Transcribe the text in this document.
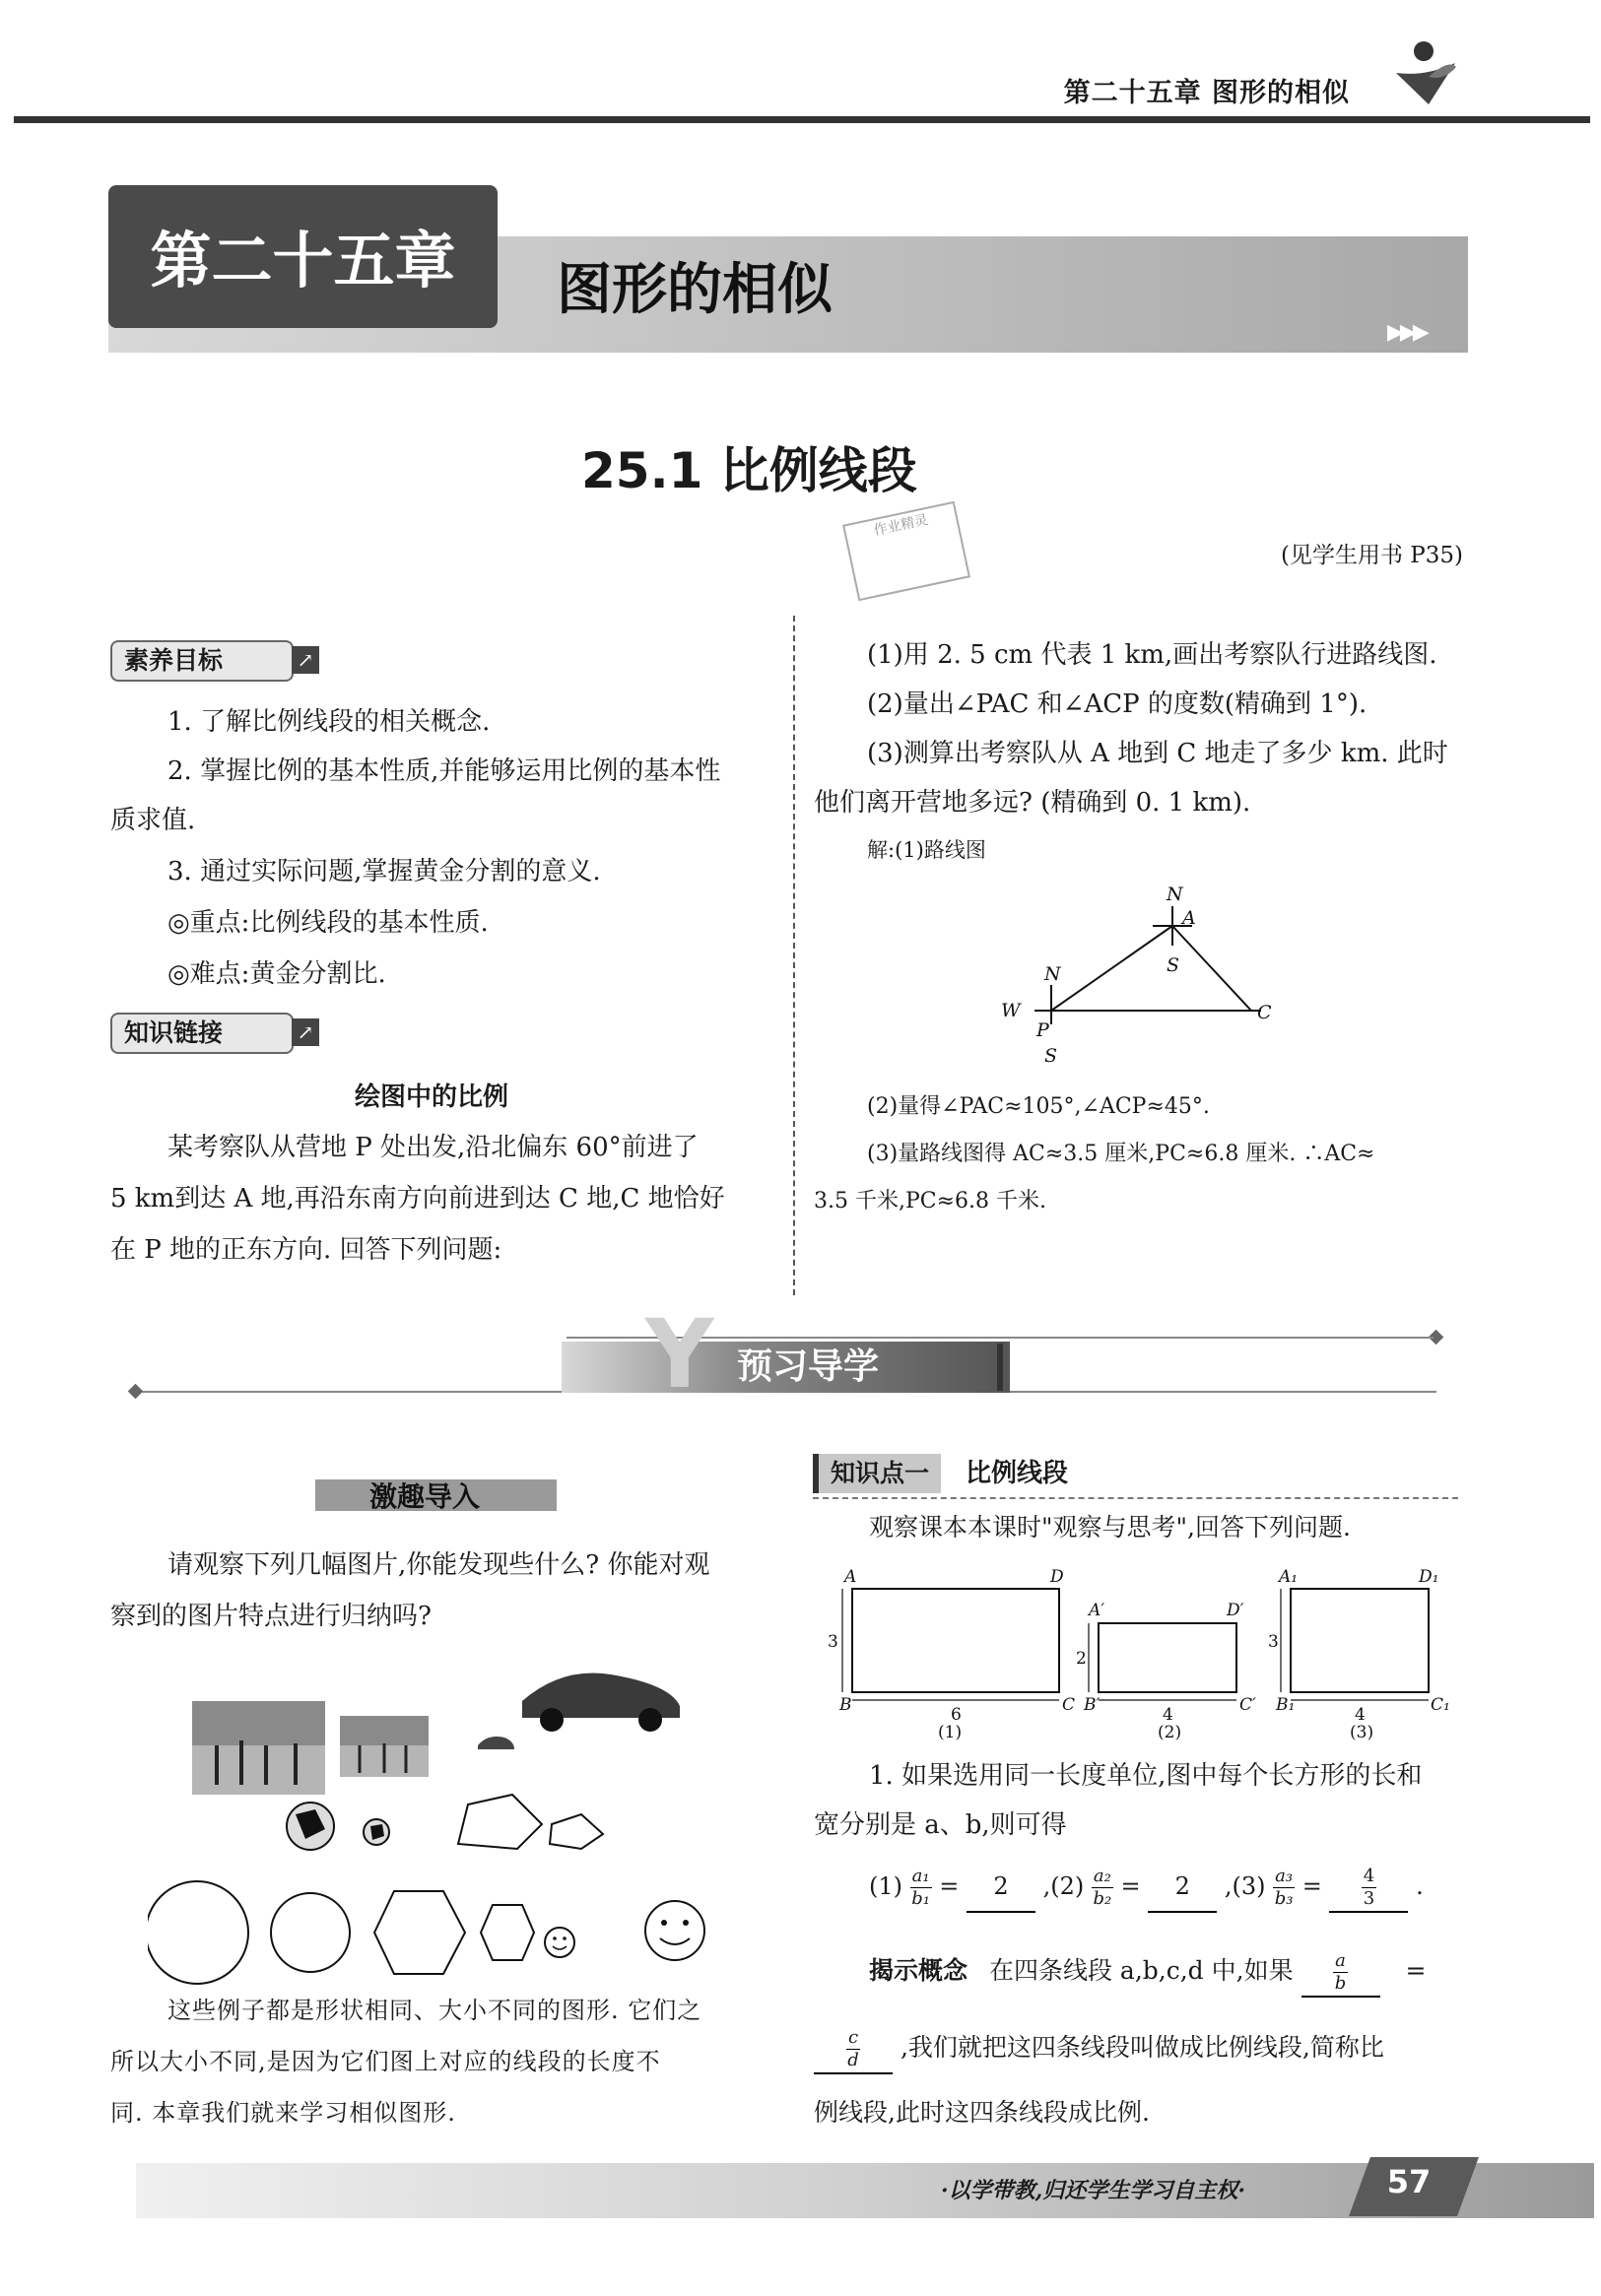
第二十五章 图形的相似
第二十五章	图形的相似
▶▶▶
25.1 比例线段
作业精灵
(见学生用书 P35)
素养目标	↗
1. 了解比例线段的相关概念.
2. 掌握比例的基本性质,并能够运用比例的基本性
质求值.
3. 通过实际问题,掌握黄金分割的意义.
◎重点:比例线段的基本性质.
◎难点:黄金分割比.
知识链接	↗
绘图中的比例
某考察队从营地 P 处出发,沿北偏东 60°前进了
5 km到达 A 地,再沿东南方向前进到达 C 地,C 地恰好
在 P 地的正东方向. 回答下列问题:
(1)用 2. 5 cm 代表 1 km,画出考察队行进路线图.
(2)量出∠PAC 和∠ACP 的度数(精确到 1°).
(3)测算出考察队从 A 地到 C 地走了多少 km. 此时
他们离开营地多远? (精确到 0. 1 km).
解:(1)路线图
N
A
S
N
W
P
S
C
(2)量得∠PAC≈105°,∠ACP≈45°.
(3)量路线图得 AC≈3.5 厘米,PC≈6.8 厘米. ∴AC≈
3.5 千米,PC≈6.8 千米.
Y 预习导学
激趣导入
请观察下列几幅图片,你能发现些什么? 你能对观
察到的图片特点进行归纳吗?
这些例子都是形状相同、大小不同的图形. 它们之
所以大小不同,是因为它们图上对应的线段的长度不
同. 本章我们就来学习相似图形.
知识点一	比例线段
观察课本本课时"观察与思考",回答下列问题.
A	D
B	C
3
6
(1)
A′	D′
B′	C′
2
4
(2)
A₁	D₁
B₁	C₁
3
4
(3)
1. 如果选用同一长度单位,图中每个长方形的长和
宽分别是 a、b,则可得
$(1) \frac{\text{a₁}}{\text{b₁}} = 2$ $,(2) \frac{\text{a₂}}{\text{b₂}} = 2$ $,(3) \frac{\text{a₃}}{\text{b₃}} = \frac{4}{3}$ .
揭示概念 在四条线段 a,b,c,d 中,如果 $\frac{a}{b}$ =
$\frac{c}{d}$ ,我们就把这四条线段叫做成比例线段,简称比
例线段,此时这四条线段成比例.
·以学带教,归还学生学习自主权·	57
